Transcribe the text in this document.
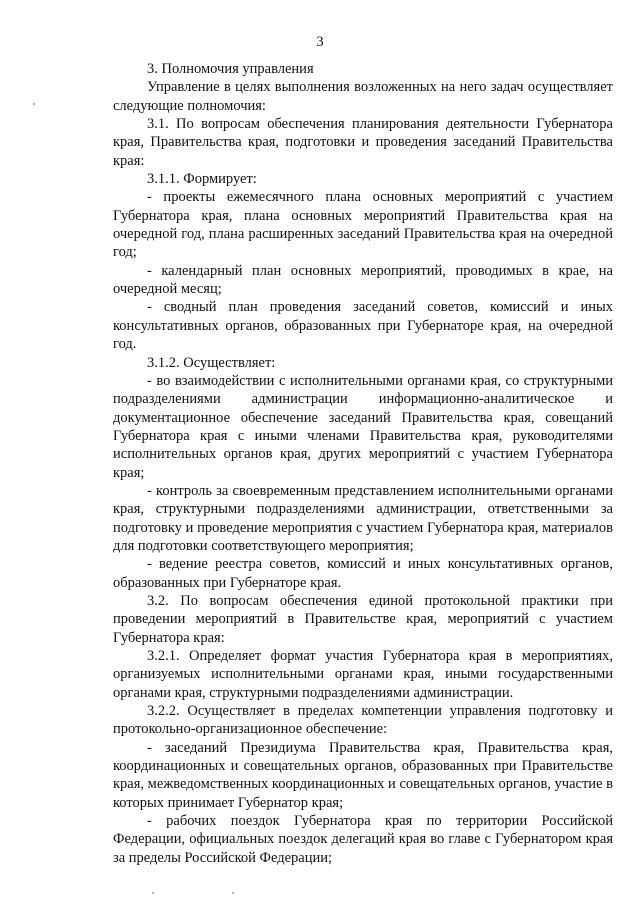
3

3. Полномочия управления

Управление в целях выполнения возложенных на него задач осуществляет следующие полномочия:

3.1. По вопросам обеспечения планирования деятельности Губернатора края, Правительства края, подготовки и проведения заседаний Правительства края:

3.1.1. Формирует:

- проекты ежемесячного плана основных мероприятий с участием Губернатора края, плана основных мероприятий Правительства края на очередной год, плана расширенных заседаний Правительства края на очередной год;

- календарный план основных мероприятий, проводимых в крае, на очередной месяц;

- сводный план проведения заседаний советов, комиссий и иных консультативных органов, образованных при Губернаторе края, на очередной год.

3.1.2. Осуществляет:

- во взаимодействии с исполнительными органами края, со структурными подразделениями администрации информационно-аналитическое и документационное обеспечение заседаний Правительства края, совещаний Губернатора края с иными членами Правительства края, руководителями исполнительных органов края, других мероприятий с участием Губернатора края;

- контроль за своевременным представлением исполнительными органами края, структурными подразделениями администрации, ответственными за подготовку и проведение мероприятия с участием Губернатора края, материалов для подготовки соответствующего мероприятия;

- ведение реестра советов, комиссий и иных консультативных органов, образованных при Губернаторе края.

3.2. По вопросам обеспечения единой протокольной практики при проведении мероприятий в Правительстве края, мероприятий с участием Губернатора края:

3.2.1. Определяет формат участия Губернатора края в мероприятиях, организуемых исполнительными органами края, иными государственными органами края, структурными подразделениями администрации.

3.2.2. Осуществляет в пределах компетенции управления подготовку и протокольно-организационное обеспечение:

- заседаний Президиума Правительства края, Правительства края, координационных и совещательных органов, образованных при Правительстве края, межведомственных координационных и совещательных органов, участие в которых принимает Губернатор края;

- рабочих поездок Губернатора края по территории Российской Федерации, официальных поездок делегаций края во главе с Губернатором края за пределы Российской Федерации;
